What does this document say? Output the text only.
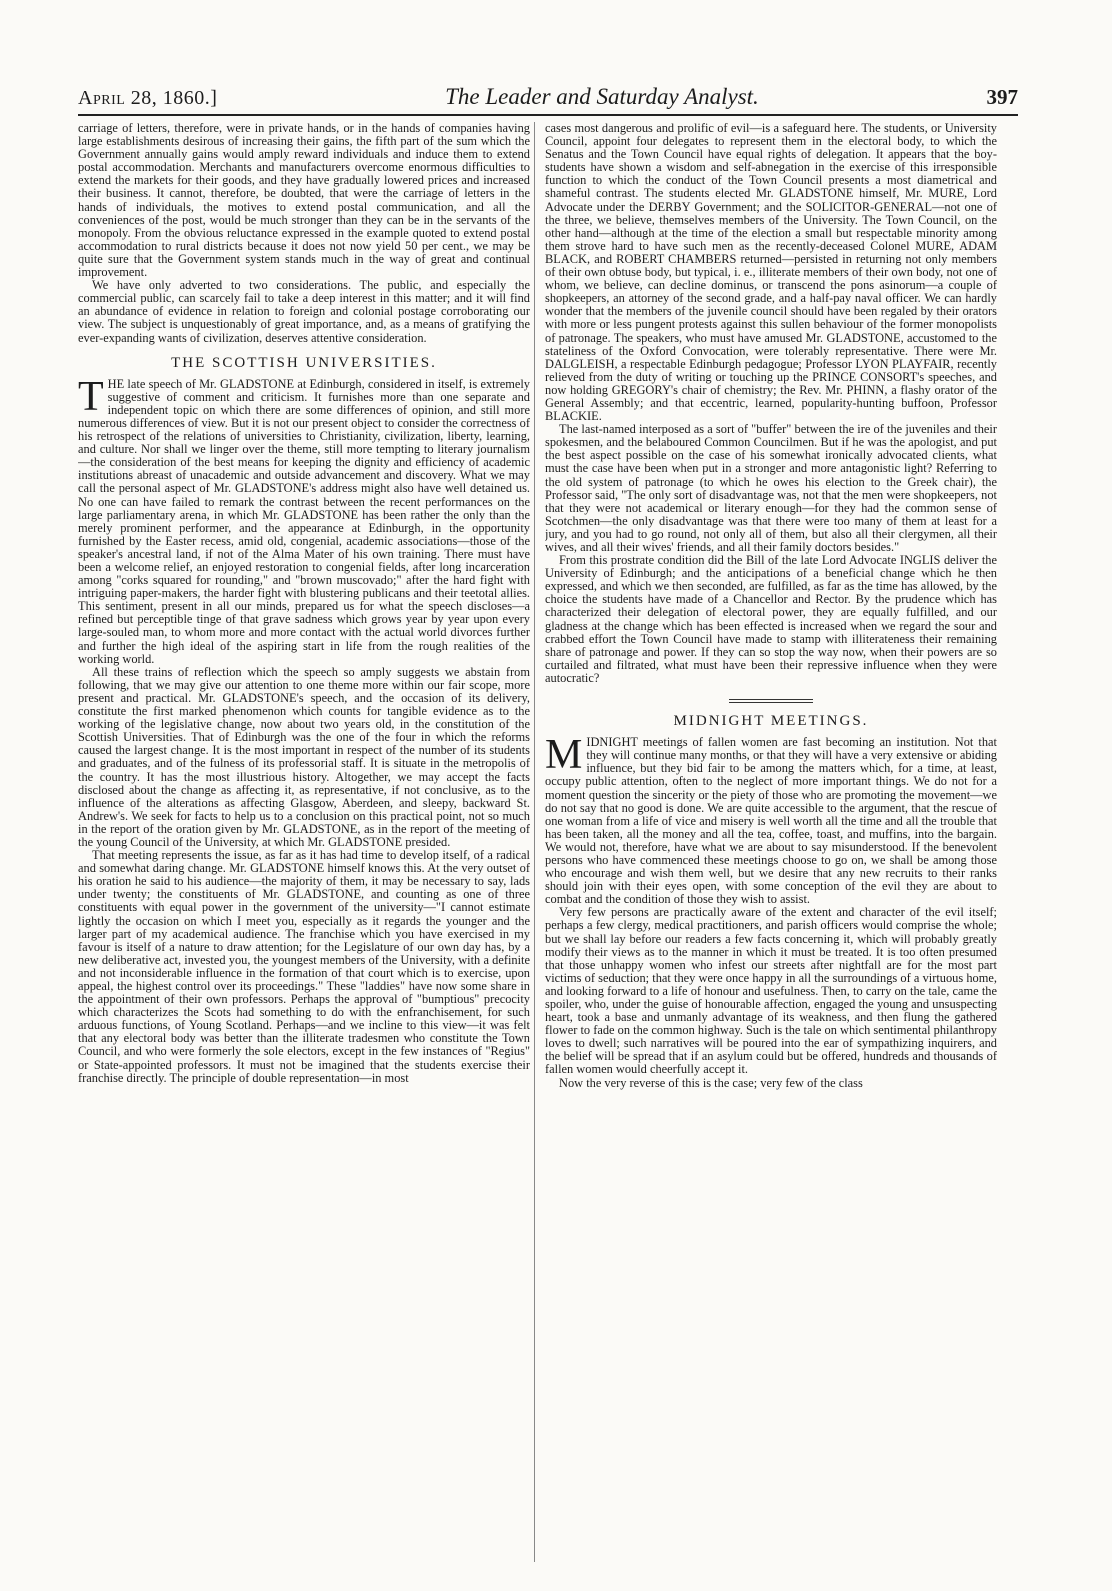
April 28, 1860.]	The Leader and Saturday Analyst.	397

carriage of letters, therefore, were in private hands, or in the hands of companies having large establishments desirous of increasing their gains, the fifth part of the sum which the Government annually gains would amply reward individuals and induce them to extend postal accommodation. Merchants and manufacturers overcome enormous difficulties to extend the markets for their goods, and they have gradually lowered prices and increased their business. It cannot, therefore, be doubted, that were the carriage of letters in the hands of individuals, the motives to extend postal communication, and all the conveniences of the post, would be much stronger than they can be in the servants of the monopoly. From the obvious reluctance expressed in the example quoted to extend postal accommodation to rural districts because it does not now yield 50 per cent., we may be quite sure that the Government system stands much in the way of great and continual improvement.

We have only adverted to two considerations. The public, and especially the commercial public, can scarcely fail to take a deep interest in this matter; and it will find an abundance of evidence in relation to foreign and colonial postage corroborating our view. The subject is unquestionably of great importance, and, as a means of gratifying the ever-expanding wants of civilization, deserves attentive consideration.

THE SCOTTISH UNIVERSITIES.

THE late speech of Mr. GLADSTONE at Edinburgh, considered in itself, is extremely suggestive of comment and criticism. It furnishes more than one separate and independent topic on which there are some differences of opinion, and still more numerous differences of view. But it is not our present object to consider the correctness of his retrospect of the relations of universities to Christianity, civilization, liberty, learning, and culture. Nor shall we linger over the theme, still more tempting to literary journalism—the consideration of the best means for keeping the dignity and efficiency of academic institutions abreast of unacademic and outside advancement and discovery. What we may call the personal aspect of Mr. GLADSTONE's address might also have well detained us. No one can have failed to remark the contrast between the recent performances on the large parliamentary arena, in which Mr. GLADSTONE has been rather the only than the merely prominent performer, and the appearance at Edinburgh, in the opportunity furnished by the Easter recess, amid old, congenial, academic associations—those of the speaker's ancestral land, if not of the Alma Mater of his own training. There must have been a welcome relief, an enjoyed restoration to congenial fields, after long incarceration among "corks squared for rounding," and "brown muscovado;" after the hard fight with intriguing paper-makers, the harder fight with blustering publicans and their teetotal allies. This sentiment, present in all our minds, prepared us for what the speech discloses—a refined but perceptible tinge of that grave sadness which grows year by year upon every large-souled man, to whom more and more contact with the actual world divorces further and further the high ideal of the aspiring start in life from the rough realities of the working world.

All these trains of reflection which the speech so amply suggests we abstain from following, that we may give our attention to one theme more within our fair scope, more present and practical. Mr. GLADSTONE's speech, and the occasion of its delivery, constitute the first marked phenomenon which counts for tangible evidence as to the working of the legislative change, now about two years old, in the constitution of the Scottish Universities. That of Edinburgh was the one of the four in which the reforms caused the largest change. It is the most important in respect of the number of its students and graduates, and of the fulness of its professorial staff. It is situate in the metropolis of the country. It has the most illustrious history. Altogether, we may accept the facts disclosed about the change as affecting it, as representative, if not conclusive, as to the influence of the alterations as affecting Glasgow, Aberdeen, and sleepy, backward St. Andrew's. We seek for facts to help us to a conclusion on this practical point, not so much in the report of the oration given by Mr. GLADSTONE, as in the report of the meeting of the young Council of the University, at which Mr. GLADSTONE presided.

That meeting represents the issue, as far as it has had time to develop itself, of a radical and somewhat daring change. Mr. GLADSTONE himself knows this. At the very outset of his oration he said to his audience—the majority of them, it may be necessary to say, lads under twenty; the constituents of Mr. GLADSTONE, and counting as one of three constituents with equal power in the government of the university—"I cannot estimate lightly the occasion on which I meet you, especially as it regards the younger and the larger part of my academical audience. The franchise which you have exercised in my favour is itself of a nature to draw attention; for the Legislature of our own day has, by a new deliberative act, invested you, the youngest members of the University, with a definite and not inconsiderable influence in the formation of that court which is to exercise, upon appeal, the highest control over its proceedings." These "laddies" have now some share in the appointment of their own professors. Perhaps the approval of "bumptious" precocity which characterizes the Scots had something to do with the enfranchisement, for such arduous functions, of Young Scotland. Perhaps—and we incline to this view—it was felt that any electoral body was better than the illiterate tradesmen who constitute the Town Council, and who were formerly the sole electors, except in the few instances of "Regius" or State-appointed professors. It must not be imagined that the students exercise their franchise directly. The principle of double representation—in most

cases most dangerous and prolific of evil—is a safeguard here. The students, or University Council, appoint four delegates to represent them in the electoral body, to which the Senatus and the Town Council have equal rights of delegation. It appears that the boy-students have shown a wisdom and self-abnegation in the exercise of this irresponsible function to which the conduct of the Town Council presents a most diametrical and shameful contrast. The students elected Mr. GLADSTONE himself, Mr. MURE, Lord Advocate under the DERBY Government; and the SOLICITOR-GENERAL—not one of the three, we believe, themselves members of the University. The Town Council, on the other hand—although at the time of the election a small but respectable minority among them strove hard to have such men as the recently-deceased Colonel MURE, ADAM BLACK, and ROBERT CHAMBERS returned—persisted in returning not only members of their own obtuse body, but typical, i. e., illiterate members of their own body, not one of whom, we believe, can decline dominus, or transcend the pons asinorum—a couple of shopkeepers, an attorney of the second grade, and a half-pay naval officer. We can hardly wonder that the members of the juvenile council should have been regaled by their orators with more or less pungent protests against this sullen behaviour of the former monopolists of patronage. The speakers, who must have amused Mr. GLADSTONE, accustomed to the stateliness of the Oxford Convocation, were tolerably representative. There were Mr. DALGLEISH, a respectable Edinburgh pedagogue; Professor LYON PLAYFAIR, recently relieved from the duty of writing or touching up the PRINCE CONSORT's speeches, and now holding GREGORY's chair of chemistry; the Rev. Mr. PHINN, a flashy orator of the General Assembly; and that eccentric, learned, popularity-hunting buffoon, Professor BLACKIE.

The last-named interposed as a sort of "buffer" between the ire of the juveniles and their spokesmen, and the belaboured Common Councilmen. But if he was the apologist, and put the best aspect possible on the case of his somewhat ironically advocated clients, what must the case have been when put in a stronger and more antagonistic light? Referring to the old system of patronage (to which he owes his election to the Greek chair), the Professor said, "The only sort of disadvantage was, not that the men were shopkeepers, not that they were not academical or literary enough—for they had the common sense of Scotchmen—the only disadvantage was that there were too many of them at least for a jury, and you had to go round, not only all of them, but also all their clergymen, all their wives, and all their wives' friends, and all their family doctors besides."

From this prostrate condition did the Bill of the late Lord Advocate INGLIS deliver the University of Edinburgh; and the anticipations of a beneficial change which he then expressed, and which we then seconded, are fulfilled, as far as the time has allowed, by the choice the students have made of a Chancellor and Rector. By the prudence which has characterized their delegation of electoral power, they are equally fulfilled, and our gladness at the change which has been effected is increased when we regard the sour and crabbed effort the Town Council have made to stamp with illiterateness their remaining share of patronage and power. If they can so stop the way now, when their powers are so curtailed and filtrated, what must have been their repressive influence when they were autocratic?

MIDNIGHT MEETINGS.

MIDNIGHT meetings of fallen women are fast becoming an institution. Not that they will continue many months, or that they will have a very extensive or abiding influence, but they bid fair to be among the matters which, for a time, at least, occupy public attention, often to the neglect of more important things. We do not for a moment question the sincerity or the piety of those who are promoting the movement—we do not say that no good is done. We are quite accessible to the argument, that the rescue of one woman from a life of vice and misery is well worth all the time and all the trouble that has been taken, all the money and all the tea, coffee, toast, and muffins, into the bargain. We would not, therefore, have what we are about to say misunderstood. If the benevolent persons who have commenced these meetings choose to go on, we shall be among those who encourage and wish them well, but we desire that any new recruits to their ranks should join with their eyes open, with some conception of the evil they are about to combat and the condition of those they wish to assist.

Very few persons are practically aware of the extent and character of the evil itself; perhaps a few clergy, medical practitioners, and parish officers would comprise the whole; but we shall lay before our readers a few facts concerning it, which will probably greatly modify their views as to the manner in which it must be treated. It is too often presumed that those unhappy women who infest our streets after nightfall are for the most part victims of seduction; that they were once happy in all the surroundings of a virtuous home, and looking forward to a life of honour and usefulness. Then, to carry on the tale, came the spoiler, who, under the guise of honourable affection, engaged the young and unsuspecting heart, took a base and unmanly advantage of its weakness, and then flung the gathered flower to fade on the common highway. Such is the tale on which sentimental philanthropy loves to dwell; such narratives will be poured into the ear of sympathizing inquirers, and the belief will be spread that if an asylum could but be offered, hundreds and thousands of fallen women would cheerfully accept it.

Now the very reverse of this is the case; very few of the class
